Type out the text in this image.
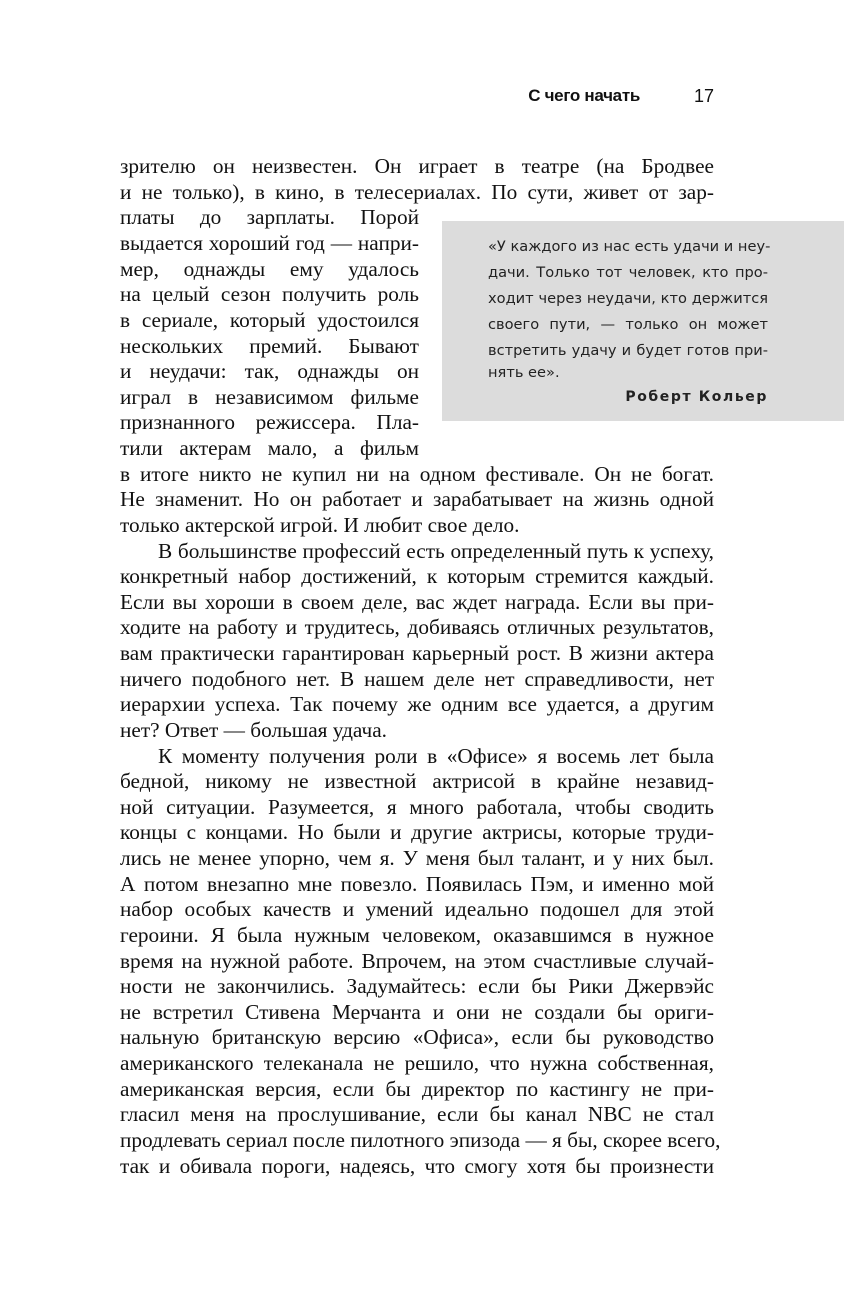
С чего начать	17
«У каждого из нас есть удачи и неу-
дачи. Только тот человек, кто про-
ходит через неудачи, кто держится
своего пути, — только он может
встретить удачу и будет готов при-
нять ее».
Роберт Кольер
зрителю он неизвестен. Он играет в театре (на Бродвее
и не только), в кино, в телесериалах. По сути, живет от зар-
платы до зарплаты. Порой
выдается хороший год — напри-
мер, однажды ему удалось
на целый сезон получить роль
в сериале, который удостоился
нескольких премий. Бывают
и неудачи: так, однажды он
играл в независимом фильме
признанного режиссера. Пла-
тили актерам мало, а фильм
в итоге никто не купил ни на одном фестивале. Он не богат.
Не знаменит. Но он работает и зарабатывает на жизнь одной
только актерской игрой. И любит свое дело.
В большинстве профессий есть определенный путь к успеху,
конкретный набор достижений, к которым стремится каждый.
Если вы хороши в своем деле, вас ждет награда. Если вы при-
ходите на работу и трудитесь, добиваясь отличных результатов,
вам практически гарантирован карьерный рост. В жизни актера
ничего подобного нет. В нашем деле нет справедливости, нет
иерархии успеха. Так почему же одним все удается, а другим
нет? Ответ — большая удача.
К моменту получения роли в «Офисе» я восемь лет была
бедной, никому не известной актрисой в крайне незавид-
ной ситуации. Разумеется, я много работала, чтобы сводить
концы с концами. Но были и другие актрисы, которые труди-
лись не менее упорно, чем я. У меня был талант, и у них был.
А потом внезапно мне повезло. Появилась Пэм, и именно мой
набор особых качеств и умений идеально подошел для этой
героини. Я была нужным человеком, оказавшимся в нужное
время на нужной работе. Впрочем, на этом счастливые случай-
ности не закончились. Задумайтесь: если бы Рики Джервэйс
не встретил Стивена Мерчанта и они не создали бы ориги-
нальную британскую версию «Офиса», если бы руководство
американского телеканала не решило, что нужна собственная,
американская версия, если бы директор по кастингу не при-
гласил меня на прослушивание, если бы канал NBC не стал
продлевать сериал после пилотного эпизода — я бы, скорее всего,
так и обивала пороги, надеясь, что смогу хотя бы произнести
